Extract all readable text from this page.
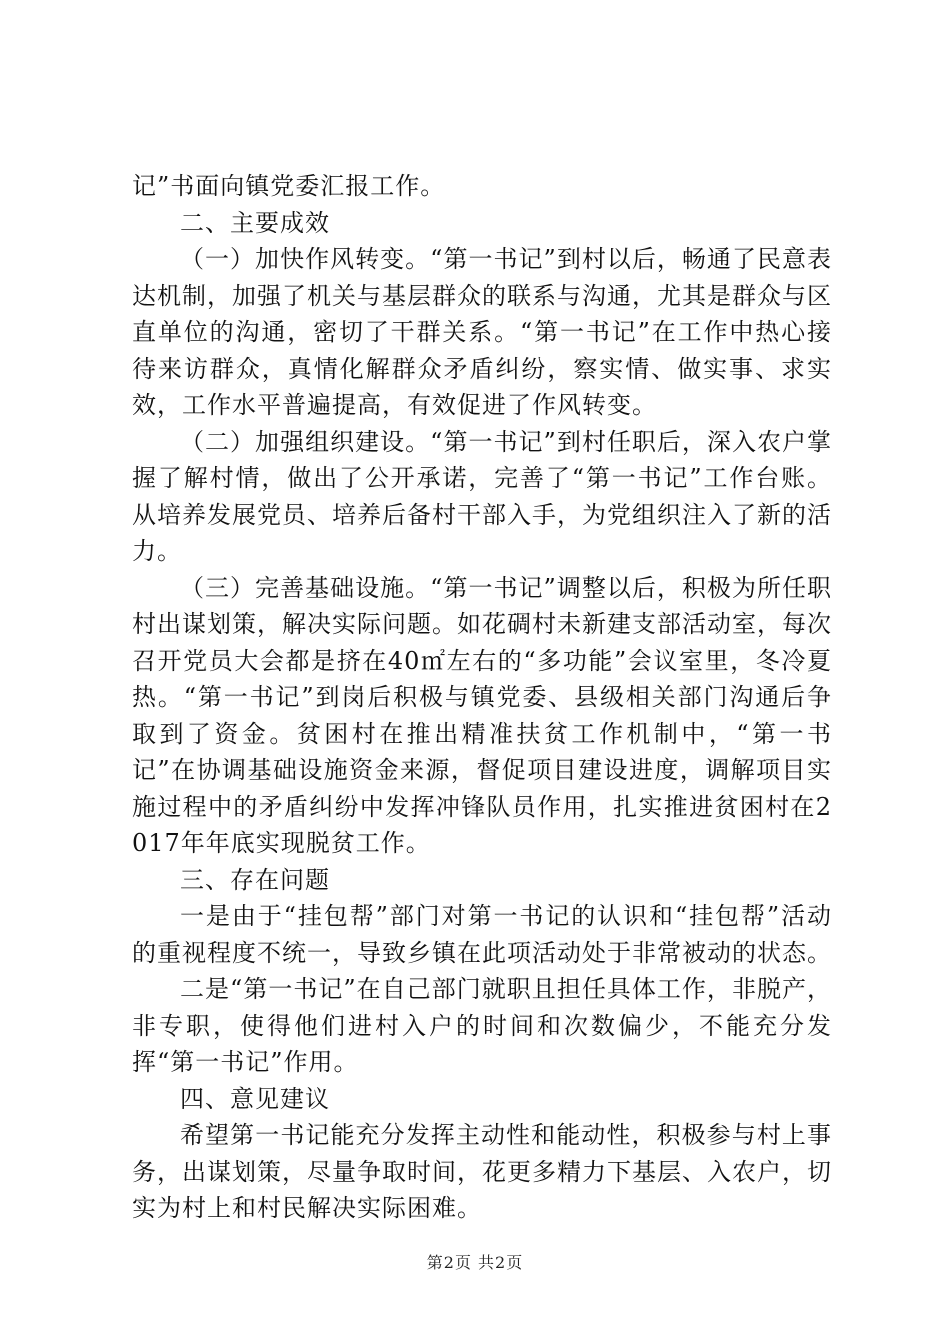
记”书面向镇党委汇报工作。

二、主要成效

（一）加快作风转变。“第一书记”到村以后，畅通了民意表达机制，加强了机关与基层群众的联系与沟通，尤其是群众与区直单位的沟通，密切了干群关系。“第一书记”在工作中热心接待来访群众，真情化解群众矛盾纠纷，察实情、做实事、求实效，工作水平普遍提高，有效促进了作风转变。

（二）加强组织建设。“第一书记”到村任职后，深入农户掌握了解村情，做出了公开承诺，完善了“第一书记”工作台账。从培养发展党员、培养后备村干部入手，为党组织注入了新的活力。

（三）完善基础设施。“第一书记”调整以后，积极为所任职村出谋划策，解决实际问题。如花碉村未新建支部活动室，每次召开党员大会都是挤在40㎡左右的“多功能”会议室里，冬冷夏热。“第一书记”到岗后积极与镇党委、县级相关部门沟通后争取到了资金。贫困村在推出精准扶贫工作机制中，“第一书记”在协调基础设施资金来源，督促项目建设进度，调解项目实施过程中的矛盾纠纷中发挥冲锋队员作用，扎实推进贫困村在2017年年底实现脱贫工作。

三、存在问题

一是由于“挂包帮”部门对第一书记的认识和“挂包帮”活动的重视程度不统一，导致乡镇在此项活动处于非常被动的状态。

二是“第一书记”在自己部门就职且担任具体工作，非脱产，非专职，使得他们进村入户的时间和次数偏少，不能充分发挥“第一书记”作用。

四、意见建议

希望第一书记能充分发挥主动性和能动性，积极参与村上事务，出谋划策，尽量争取时间，花更多精力下基层、入农户，切实为村上和村民解决实际困难。

第2页 共2页
